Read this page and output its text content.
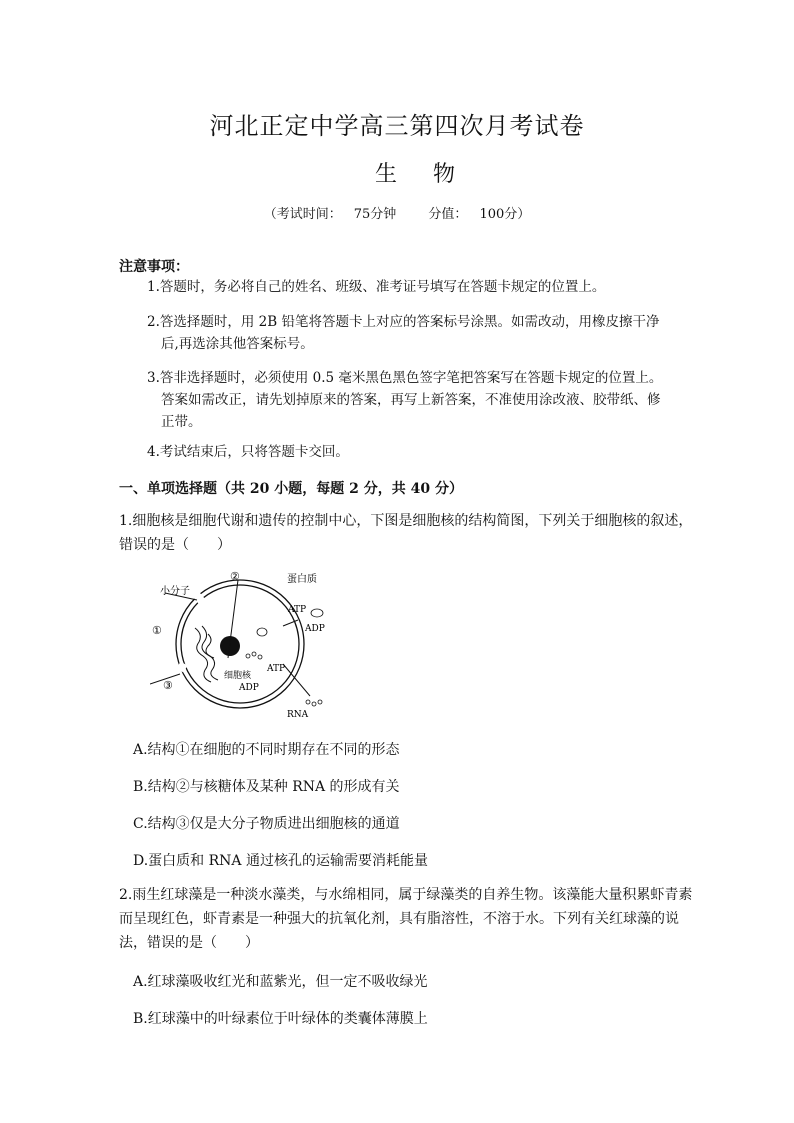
河北正定中学高三第四次月考试卷
生物
（考试时间： 75分钟 分值： 100分）
注意事项：
1.答题时，务必将自己的姓名、班级、准考证号填写在答题卡规定的位置上。
2.答选择题时，用 2B 铅笔将答题卡上对应的答案标号涂黑。如需改动，用橡皮擦干净
后,再选涂其他答案标号。
3.答非选择题时，必须使用 0.5 毫米黑色黑色签字笔把答案写在答题卡规定的位置上。
答案如需改正，请先划掉原来的答案，再写上新答案，不准使用涂改液、胶带纸、修
正带。
4.考试结束后，只将答题卡交回。
一、单项选择题（共 20 小题，每题 2 分，共 40 分）
1.细胞核是细胞代谢和遗传的控制中心，下图是细胞核的结构简图，下列关于细胞核的叙述，
错误的是（　　）
小分子
②	蛋白质
ATP
ADP
①
ATP
细胞核
ADP
③
RNA
A.结构①在细胞的不同时期存在不同的形态
B.结构②与核糖体及某种 RNA 的形成有关
C.结构③仅是大分子物质进出细胞核的通道
D.蛋白质和 RNA 通过核孔的运输需要消耗能量
2.雨生红球藻是一种淡水藻类，与水绵相同，属于绿藻类的自养生物。该藻能大量积累虾青素
而呈现红色，虾青素是一种强大的抗氧化剂，具有脂溶性，不溶于水。下列有关红球藻的说
法，错误的是（　　）
A.红球藻吸收红光和蓝紫光，但一定不吸收绿光
B.红球藻中的叶绿素位于叶绿体的类囊体薄膜上
